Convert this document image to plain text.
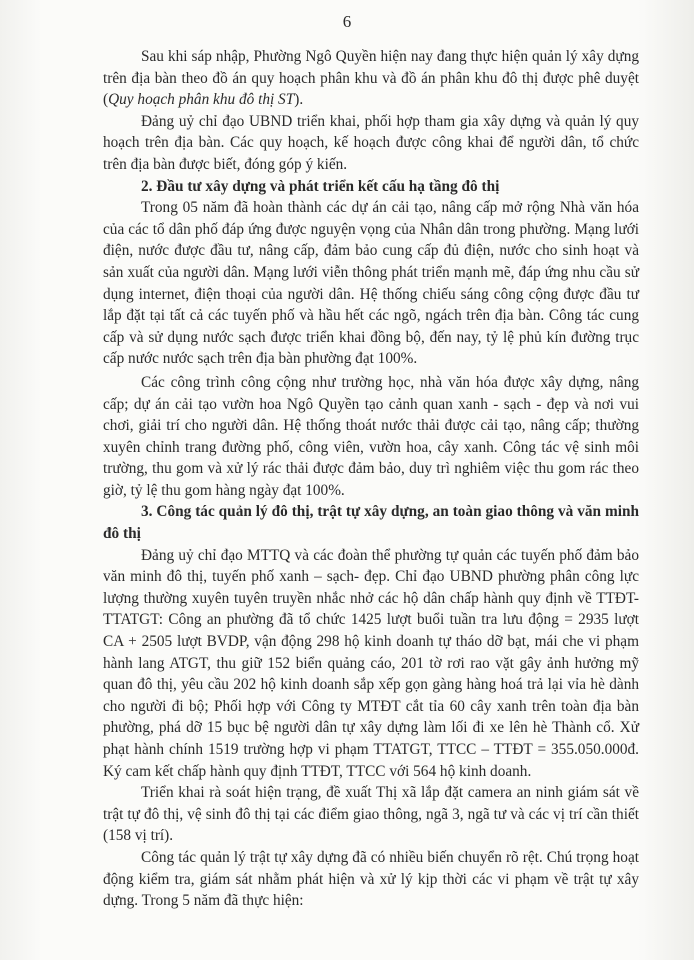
6

Sau khi sáp nhập, Phường Ngô Quyền hiện nay đang thực hiện quản lý xây dựng trên địa bàn theo đồ án quy hoạch phân khu và đồ án phân khu đô thị được phê duyệt (Quy hoạch phân khu đô thị ST).

Đảng uỷ chỉ đạo UBND triển khai, phối hợp tham gia xây dựng và quản lý quy hoạch trên địa bàn. Các quy hoạch, kế hoạch được công khai để người dân, tổ chức trên địa bàn được biết, đóng góp ý kiến.

2. Đầu tư xây dựng và phát triển kết cấu hạ tầng đô thị

Trong 05 năm đã hoàn thành các dự án cải tạo, nâng cấp mở rộng Nhà văn hóa của các tổ dân phố đáp ứng được nguyện vọng của Nhân dân trong phường. Mạng lưới điện, nước được đầu tư, nâng cấp, đảm bảo cung cấp đủ điện, nước cho sinh hoạt và sản xuất của người dân. Mạng lưới viễn thông phát triển mạnh mẽ, đáp ứng nhu cầu sử dụng internet, điện thoại của người dân. Hệ thống chiếu sáng công cộng được đầu tư lắp đặt tại tất cả các tuyến phố và hầu hết các ngõ, ngách trên địa bàn. Công tác cung cấp và sử dụng nước sạch được triển khai đồng bộ, đến nay, tỷ lệ phủ kín đường trục cấp nước nước sạch trên địa bàn phường đạt 100%.

Các công trình công cộng như trường học, nhà văn hóa được xây dựng, nâng cấp; dự án cải tạo vườn hoa Ngô Quyền tạo cảnh quan xanh - sạch - đẹp và nơi vui chơi, giải trí cho người dân. Hệ thống thoát nước thải được cải tạo, nâng cấp; thường xuyên chỉnh trang đường phố, công viên, vườn hoa, cây xanh. Công tác vệ sinh môi trường, thu gom và xử lý rác thải được đảm bảo, duy trì nghiêm việc thu gom rác theo giờ, tỷ lệ thu gom hàng ngày đạt 100%.

3. Công tác quản lý đô thị, trật tự xây dựng, an toàn giao thông và văn minh đô thị

Đảng uỷ chỉ đạo MTTQ và các đoàn thể phường tự quản các tuyến phố đảm bảo văn minh đô thị, tuyến phố xanh – sạch- đẹp. Chỉ đạo UBND phường phân công lực lượng thường xuyên tuyên truyền nhắc nhở các hộ dân chấp hành quy định về TTĐT- TTATGT: Công an phường đã tổ chức 1425 lượt buổi tuần tra lưu động = 2935 lượt CA + 2505 lượt BVDP, vận động 298 hộ kinh doanh tự tháo dỡ bạt, mái che vi phạm hành lang ATGT, thu giữ 152 biển quảng cáo, 201 tờ rơi rao vặt gây ảnh hưởng mỹ quan đô thị, yêu cầu 202 hộ kinh doanh sắp xếp gọn gàng hàng hoá trả lại vỉa hè dành cho người đi bộ; Phối hợp với Công ty MTĐT cắt tỉa 60 cây xanh trên toàn địa bàn phường, phá dỡ 15 bục bệ người dân tự xây dựng làm lối đi xe lên hè Thành cổ. Xử phạt hành chính 1519 trường hợp vi phạm TTATGT, TTCC – TTĐT = 355.050.000đ. Ký cam kết chấp hành quy định TTĐT, TTCC với 564 hộ kinh doanh.

Triển khai rà soát hiện trạng, đề xuất Thị xã lắp đặt camera an ninh giám sát về trật tự đô thị, vệ sinh đô thị tại các điểm giao thông, ngã 3, ngã tư và các vị trí cần thiết (158 vị trí).

Công tác quản lý trật tự xây dựng đã có nhiều biến chuyển rõ rệt. Chú trọng hoạt động kiểm tra, giám sát nhằm phát hiện và xử lý kịp thời các vi phạm về trật tự xây dựng. Trong 5 năm đã thực hiện:
